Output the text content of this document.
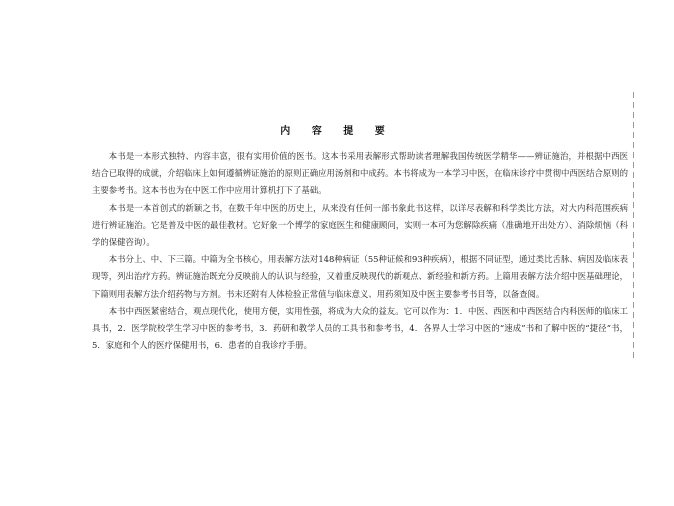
内 容 提 要

本书是一本形式独特、内容丰富，很有实用价值的医书。这本书采用表解形式帮助读者理解我国传统医学精华——辨证施治，并根据中西医结合已取得的成就，介绍临床上如何遵循辨证施治的原则正确应用汤剂和中成药。本书将成为一本学习中医，在临床诊疗中贯彻中西医结合原则的主要参考书。这本书也为在中医工作中应用计算机打下了基础。

本书是一本首创式的新颖之书，在数千年中医的历史上，从来没有任何一部书象此书这样，以详尽表解和科学类比方法，对大内科范围疾病进行辨证施治。它是普及中医的最佳教材。它好象一个博学的家庭医生和健康顾问，实则一本可为您解除疾痛（准确地开出处方）、消除烦恼（科学的保健咨询）。

本书分上、中、下三篇。中篇为全书核心，用表解方法对148种病证（55种证候和93种疾病），根据不同证型，通过类比舌脉、病因及临床表现等，列出治疗方药。辨证施治既充分反映前人的认识与经验，又着重反映现代的新观点、新经验和新方药。上篇用表解方法介绍中医基础理论，下篇则用表解方法介绍药物与方剂。书末还附有人体检验正常值与临床意义、用药须知及中医主要参考书目等，以备查阅。

本书中西医紧密结合，观点现代化，使用方便，实用性强，将成为大众的益友。它可以作为：1．中医、西医和中西医结合内科医师的临床工具书，2．医学院校学生学习中医的参考书，3．药研和教学人员的工具书和参考书，4．各界人士学习中医的“速成”书和了解中医的“捷径”书，5．家庭和个人的医疗保健用书，6．患者的自我诊疗手册。
